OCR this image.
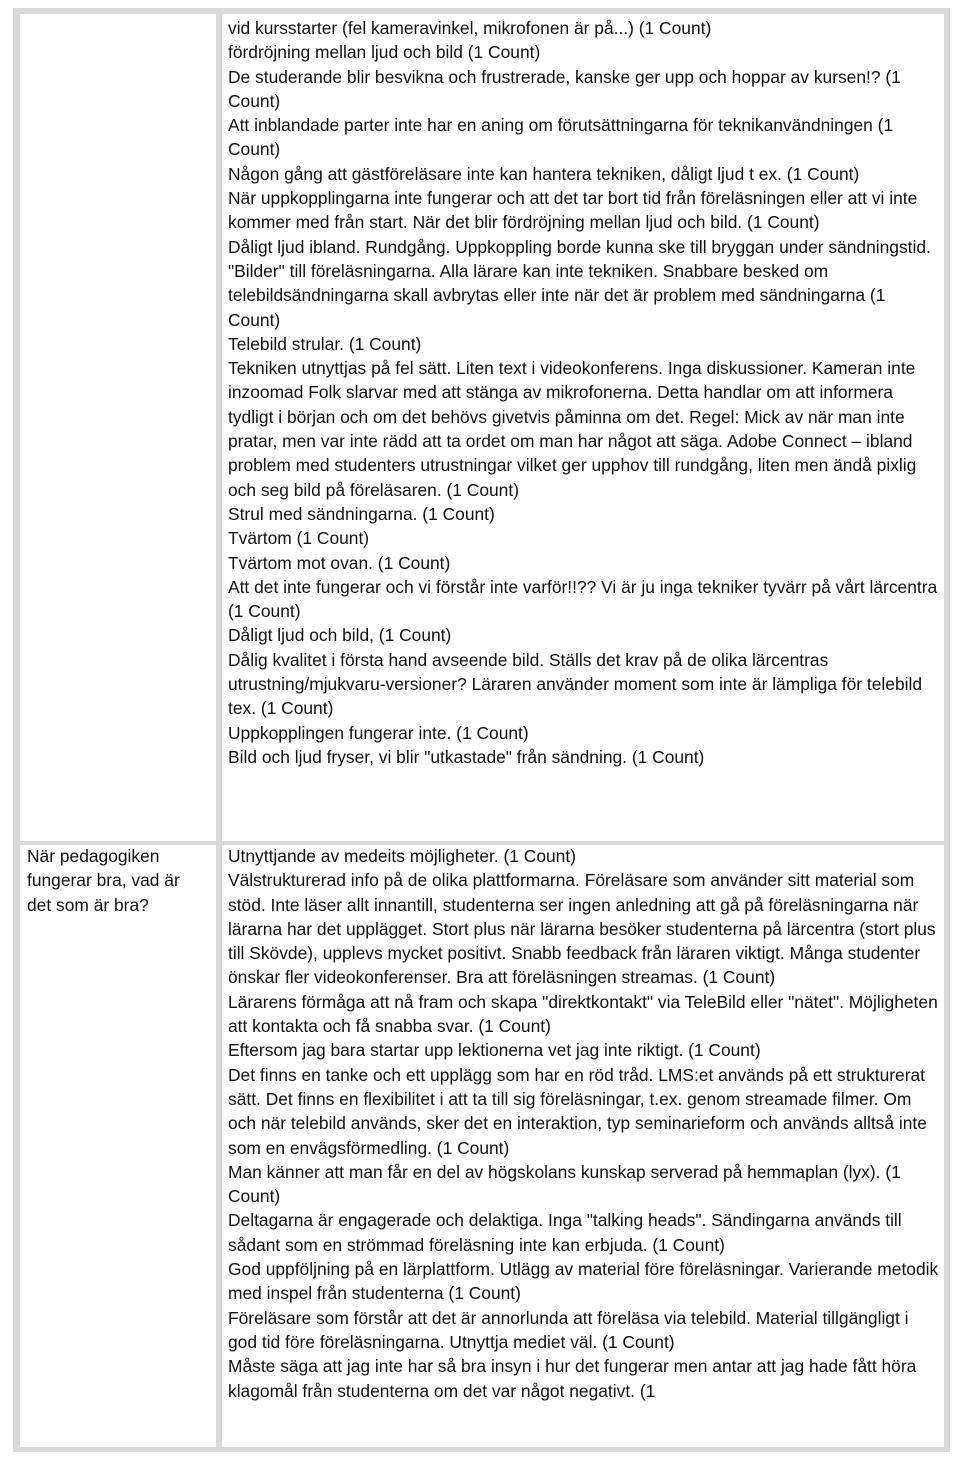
vid kursstarter (fel kameravinkel, mikrofonen är på...) (1 Count)
fördröjning mellan ljud och bild (1 Count)
De studerande blir besvikna och frustrerade, kanske ger upp och hoppar av kursen!? (1 Count)
Att inblandade parter inte har en aning om förutsättningarna för teknikanvändningen (1 Count)
Någon gång att gästföreläsare inte kan hantera tekniken, dåligt ljud t ex. (1 Count)
När uppkopplingarna inte fungerar och att det tar bort tid från föreläsningen eller att vi inte kommer med från start. När det blir fördröjning mellan ljud och bild. (1 Count)
Dåligt ljud ibland. Rundgång. Uppkoppling borde kunna ske till bryggan under sändningstid. "Bilder" till föreläsningarna. Alla lärare kan inte tekniken. Snabbare besked om telebildsändningarna skall avbrytas eller inte när det är problem med sändningarna (1 Count)
Telebild strular. (1 Count)
Tekniken utnyttjas på fel sätt. Liten text i videokonferens. Inga diskussioner. Kameran inte inzoomad Folk slarvar med att stänga av mikrofonerna. Detta handlar om att informera tydligt i början och om det behövs givetvis påminna om det. Regel: Mick av när man inte pratar, men var inte rädd att ta ordet om man har något att säga. Adobe Connect – ibland problem med studenters utrustningar vilket ger upphov till rundgång, liten men ändå pixlig och seg bild på föreläsaren. (1 Count)
Strul med sändningarna. (1 Count)
Tvärtom (1 Count)
Tvärtom mot ovan. (1 Count)
Att det inte fungerar och vi förstår inte varför!!?? Vi är ju inga tekniker tyvärr på vårt lärcentra (1 Count)
Dåligt ljud och bild, (1 Count)
Dålig kvalitet i första hand avseende bild. Ställs det krav på de olika lärcentras utrustning/mjukvaru-versioner? Läraren använder moment som inte är lämpliga för telebild tex. (1 Count)
Uppkopplingen fungerar inte. (1 Count)
Bild och ljud fryser, vi blir "utkastade" från sändning. (1 Count)
När pedagogiken fungerar bra, vad är det som är bra?
Utnyttjande av medeits möjligheter. (1 Count)
Välstrukturerad info på de olika plattformarna. Föreläsare som använder sitt material som stöd. Inte läser allt innantill, studenterna ser ingen anledning att gå på föreläsningarna när lärarna har det upplägget. Stort plus när lärarna besöker studenterna på lärcentra (stort plus till Skövde), upplevs mycket positivt. Snabb feedback från läraren viktigt. Många studenter önskar fler videokonferenser. Bra att föreläsningen streamas. (1 Count)
Lärarens förmåga att nå fram och skapa "direktkontakt" via TeleBild eller "nätet". Möjligheten att kontakta och få snabba svar. (1 Count)
Eftersom jag bara startar upp lektionerna vet jag inte riktigt. (1 Count)
Det finns en tanke och ett upplägg som har en röd tråd. LMS:et används på ett strukturerat sätt. Det finns en flexibilitet i att ta till sig föreläsningar, t.ex. genom streamade filmer. Om och när telebild används, sker det en interaktion, typ seminarieform och används alltså inte som en envägsförmedling. (1 Count)
Man känner att man får en del av högskolans kunskap serverad på hemmaplan (lyx). (1 Count)
Deltagarna är engagerade och delaktiga. Inga "talking heads". Sändingarna används till sådant som en strömmad föreläsning inte kan erbjuda. (1 Count)
God uppföljning på en lärplattform. Utlägg av material före föreläsningar. Varierande metodik med inspel från studenterna (1 Count)
Föreläsare som förstår att det är annorlunda att föreläsa via telebild. Material tillgängligt i god tid före föreläsningarna. Utnyttja mediet väl. (1 Count)
Måste säga att jag inte har så bra insyn i hur det fungerar men antar att jag hade fått höra klagomål från studenterna om det var något negativt. (1
